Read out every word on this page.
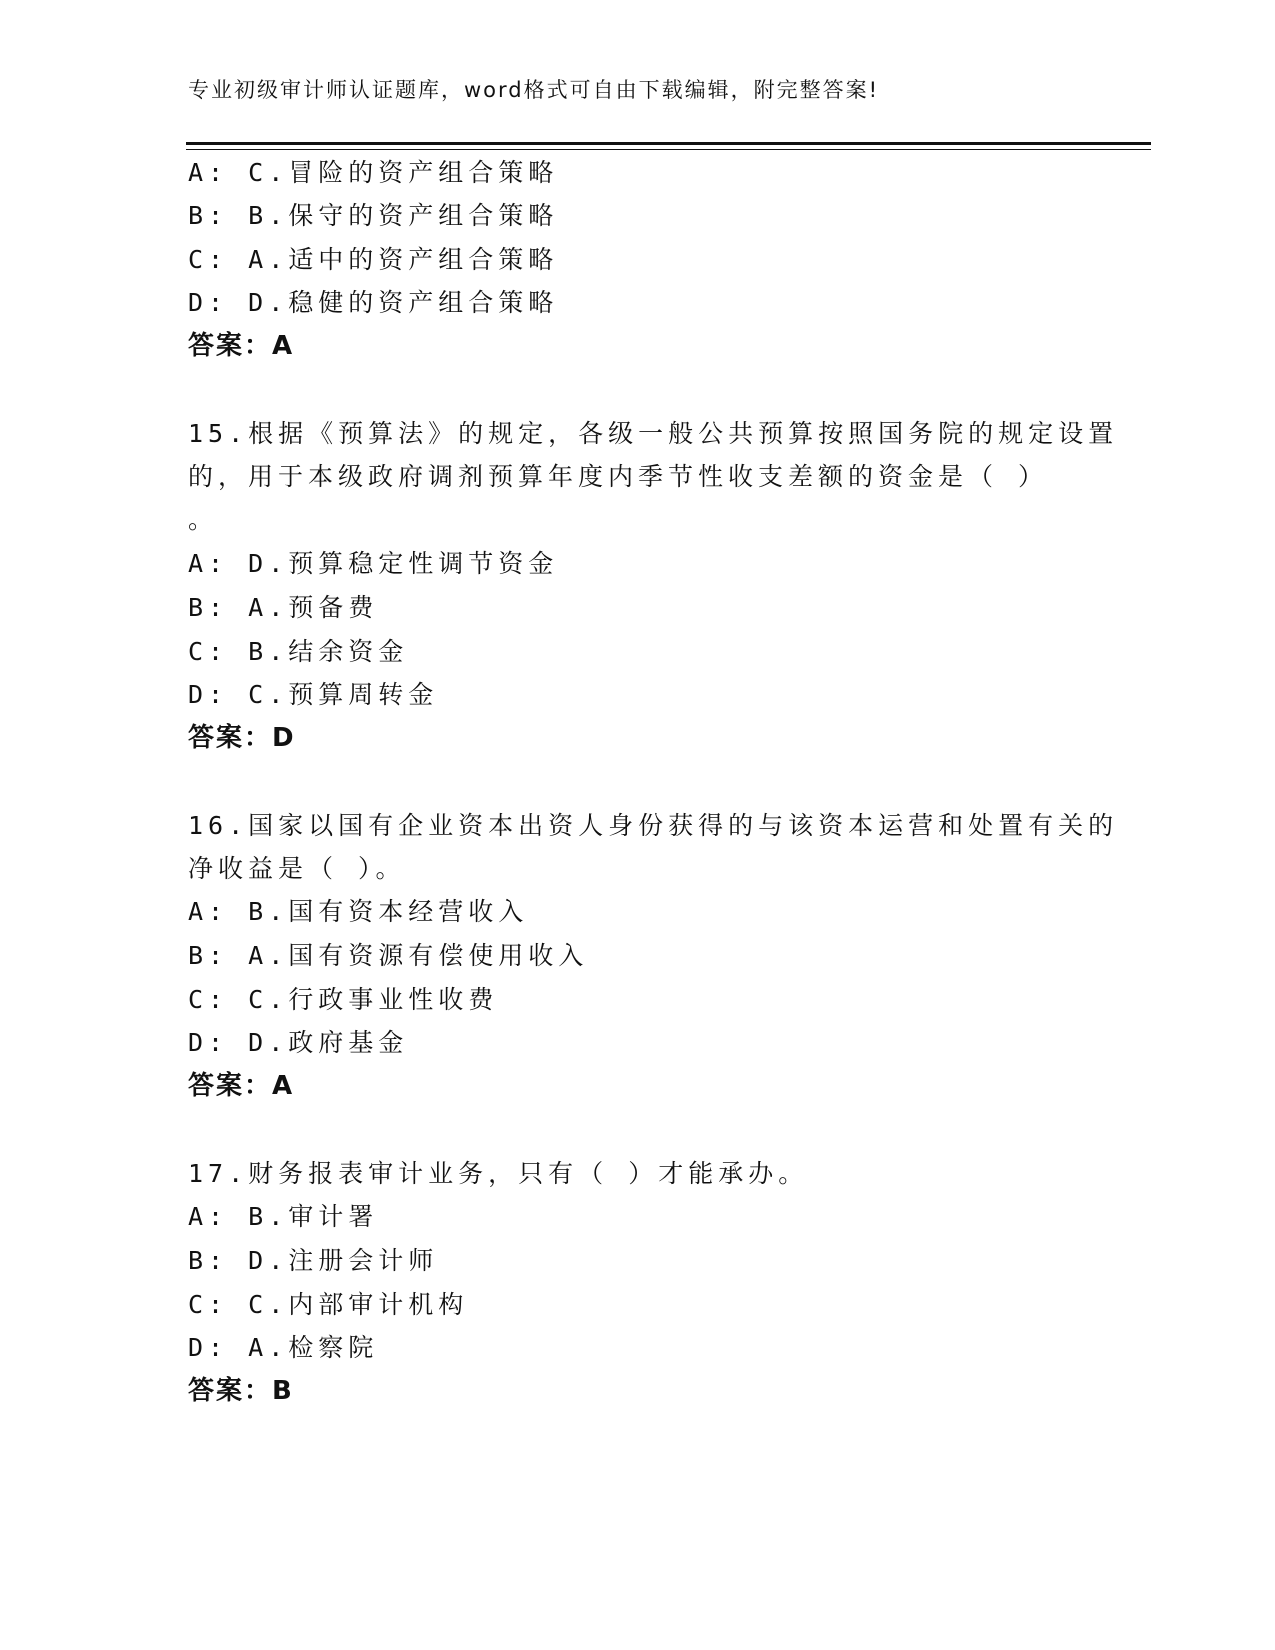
专业初级审计师认证题库，word格式可自由下载编辑，附完整答案!
A: C.冒险的资产组合策略
B: B.保守的资产组合策略
C: A.适中的资产组合策略
D: D.稳健的资产组合策略
答案：A
15.根据《预算法》的规定，各级一般公共预算按照国务院的规定设置
的，用于本级政府调剂预算年度内季节性收支差额的资金是（ ）
。
A: D.预算稳定性调节资金
B: A.预备费
C: B.结余资金
D: C.预算周转金
答案：D
16.国家以国有企业资本出资人身份获得的与该资本运营和处置有关的
净收益是（ ）。
A: B.国有资本经营收入
B: A.国有资源有偿使用收入
C: C.行政事业性收费
D: D.政府基金
答案：A
17.财务报表审计业务，只有（ ）才能承办。
A: B.审计署
B: D.注册会计师
C: C.内部审计机构
D: A.检察院
答案：B
